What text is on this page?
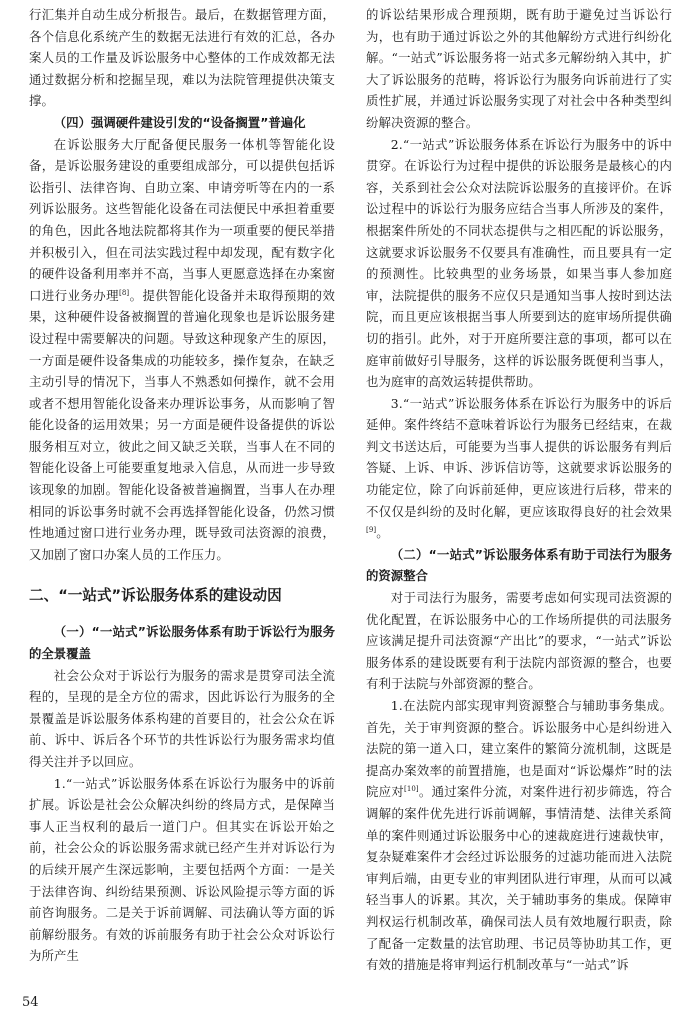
行汇集并自动生成分析报告。最后，在数据管理方面，各个信息化系统产生的数据无法进行有效的汇总，各办案人员的工作量及诉讼服务中心整体的工作成效都无法通过数据分析和挖掘呈现，难以为法院管理提供决策支撑。

（四）强调硬件建设引发的“设备搁置”普遍化

在诉讼服务大厅配备便民服务一体机等智能化设备，是诉讼服务建设的重要组成部分，可以提供包括诉讼指引、法律咨询、自助立案、申请旁听等在内的一系列诉讼服务。这些智能化设备在司法便民中承担着重要的角色，因此各地法院都将其作为一项重要的便民举措并积极引入，但在司法实践过程中却发现，配有数字化的硬件设备利用率并不高，当事人更愿意选择在办案窗口进行业务办理[8]。提供智能化设备并未取得预期的效果，这种硬件设备被搁置的普遍化现象也是诉讼服务建设过程中需要解决的问题。导致这种现象产生的原因，一方面是硬件设备集成的功能较多，操作复杂，在缺乏主动引导的情况下，当事人不熟悉如何操作，就不会用或者不想用智能化设备来办理诉讼事务，从而影响了智能化设备的运用效果；另一方面是硬件设备提供的诉讼服务相互对立，彼此之间又缺乏关联，当事人在不同的智能化设备上可能要重复地录入信息，从而进一步导致该现象的加剧。智能化设备被普遍搁置，当事人在办理相同的诉讼事务时就不会再选择智能化设备，仍然习惯性地通过窗口进行业务办理，既导致司法资源的浪费，又加剧了窗口办案人员的工作压力。

二、“一站式”诉讼服务体系的建设动因
（一）“一站式”诉讼服务体系有助于诉讼行为服务的全景覆盖

社会公众对于诉讼行为服务的需求是贯穿司法全流程的，呈现的是全方位的需求，因此诉讼行为服务的全景覆盖是诉讼服务体系构建的首要目的，社会公众在诉前、诉中、诉后各个环节的共性诉讼行为服务需求均值得关注并予以回应。

1.“一站式”诉讼服务体系在诉讼行为服务中的诉前扩展。诉讼是社会公众解决纠纷的终局方式，是保障当事人正当权利的最后一道门户。但其实在诉讼开始之前，社会公众的诉讼服务需求就已经产生并对诉讼行为的后续开展产生深远影响，主要包括两个方面：一是关于法律咨询、纠纷结果预测、诉讼风险提示等方面的诉前咨询服务。二是关于诉前调解、司法确认等方面的诉前解纷服务。有效的诉前服务有助于社会公众对诉讼行为所产生

的诉讼结果形成合理预期，既有助于避免过当诉讼行为，也有助于通过诉讼之外的其他解纷方式进行纠纷化解。“一站式”诉讼服务将一站式多元解纷纳入其中，扩大了诉讼服务的范畴，将诉讼行为服务向诉前进行了实质性扩展，并通过诉讼服务实现了对社会中各种类型纠纷解决资源的整合。

2.“一站式”诉讼服务体系在诉讼行为服务中的诉中贯穿。在诉讼行为过程中提供的诉讼服务是最核心的内容，关系到社会公众对法院诉讼服务的直接评价。在诉讼过程中的诉讼行为服务应结合当事人所涉及的案件，根据案件所处的不同状态提供与之相匹配的诉讼服务，这就要求诉讼服务不仅要具有准确性，而且要具有一定的预测性。比较典型的业务场景，如果当事人参加庭审，法院提供的服务不应仅只是通知当事人按时到达法院，而且更应该根据当事人所要到达的庭审场所提供确切的指引。此外，对于开庭所要注意的事项，都可以在庭审前做好引导服务，这样的诉讼服务既便利当事人，也为庭审的高效运转提供帮助。

3.“一站式”诉讼服务体系在诉讼行为服务中的诉后延伸。案件终结不意味着诉讼行为服务已经结束，在裁判文书送达后，可能要为当事人提供的诉讼服务有判后答疑、上诉、申诉、涉诉信访等，这就要求诉讼服务的功能定位，除了向诉前延伸，更应该进行后移，带来的不仅仅是纠纷的及时化解，更应该取得良好的社会效果[9]。

（二）“一站式”诉讼服务体系有助于司法行为服务的资源整合

对于司法行为服务，需要考虑如何实现司法资源的优化配置，在诉讼服务中心的工作场所提供的司法服务应该满足提升司法资源“产出比”的要求，“一站式”诉讼服务体系的建设既要有利于法院内部资源的整合，也要有利于法院与外部资源的整合。

1.在法院内部实现审判资源整合与辅助事务集成。首先，关于审判资源的整合。诉讼服务中心是纠纷进入法院的第一道入口，建立案件的繁简分流机制，这既是提高办案效率的前置措施，也是面对“诉讼爆炸”时的法院应对[10]。通过案件分流，对案件进行初步筛选，符合调解的案件优先进行诉前调解，事情清楚、法律关系简单的案件则通过诉讼服务中心的速裁庭进行速裁快审，复杂疑难案件才会经过诉讼服务的过滤功能而进入法院审判后端，由更专业的审判团队进行审理，从而可以减轻当事人的诉累。其次，关于辅助事务的集成。保障审判权运行机制改革，确保司法人员有效地履行职责，除了配备一定数量的法官助理、书记员等协助其工作，更有效的措施是将审判运行机制改革与“一站式”诉

54
